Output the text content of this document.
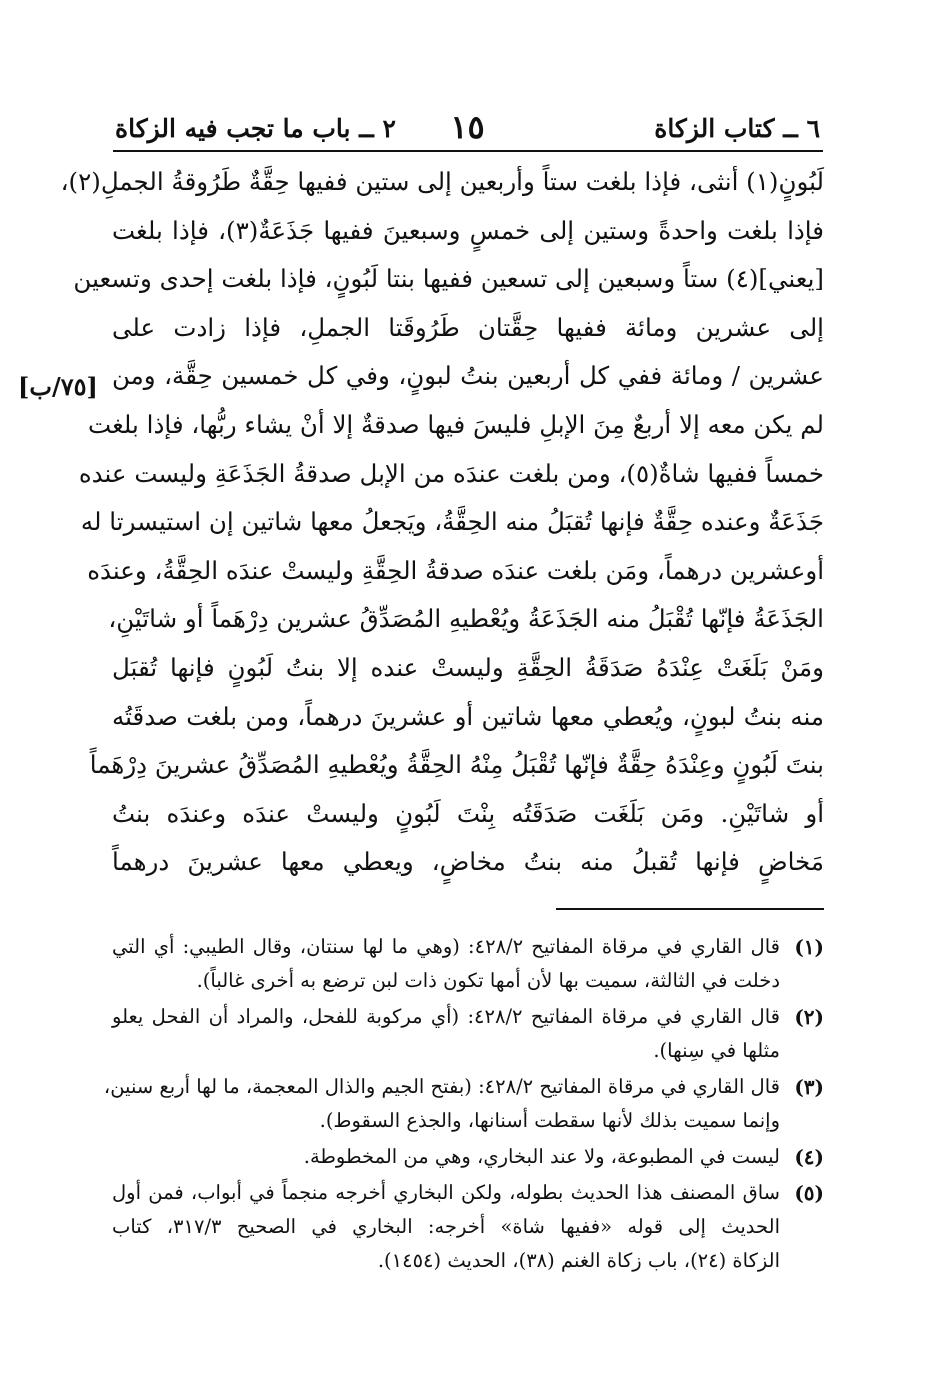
٦ ــ كتاب الزكاة
١٥
٢ ــ باب ما تجب فيه الزكاة
[٧٥/ب]
لَبُونٍ(١) أنثى، فإذا بلغت ستاً وأربعين إلى ستين ففيها حِقَّةٌ طَرُوقةُ الجملِ(٢)،
فإذا بلغت واحدةً وستين إلى خمسٍ وسبعينَ ففيها جَذَعَةٌ(٣)، فإذا بلغت
[يعني](٤) ستاً وسبعين إلى تسعين ففيها بنتا لَبُونٍ، فإذا بلغت إحدى وتسعين
إلى عشرين ومائة ففيها حِقَّتان طَرُوقَتا الجملِ، فإذا زادت على
عشرين / ومائة ففي كل أربعين بنتُ لبونٍ، وفي كل خمسين حِقَّة، ومن
لم يكن معه إلا أربعٌ مِنَ الإبلِ فليسَ فيها صدقةٌ إلا أنْ يشاء ربُّها، فإذا بلغت
خمساً ففيها شاةٌ(٥)، ومن بلغت عندَه من الإبل صدقةُ الجَذَعَةِ وليست عنده
جَذَعَةٌ وعنده حِقَّةٌ فإنها تُقبَلُ منه الحِقَّةُ، ويَجعلُ معها شاتين إن استيسرتا له
أوعشرين درهماً، ومَن بلغت عندَه صدقةُ الحِقَّةِ وليستْ عندَه الحِقَّةُ، وعندَه
الجَذَعَةُ فإنّها تُقْبَلُ منه الجَذَعَةُ ويُعْطيهِ المُصَدِّقُ عشرين دِرْهَماً أو شاتَيْنِ،
ومَنْ بَلَغَتْ عِنْدَهُ صَدَقَةُ الحِقَّةِ وليستْ عنده إلا بنتُ لَبُونٍ فإنها تُقبَل
منه بنتُ لبونٍ، ويُعطي معها شاتين أو عشرينَ درهماً، ومن بلغت صدقَتُه
بنتَ لَبُونٍ وعِنْدَهُ حِقَّةٌ فإنّها تُقْبَلُ مِنْهُ الحِقَّةُ ويُعْطيهِ المُصَدِّقُ عشرينَ دِرْهَماً
أو شاتَيْنِ. ومَن بَلَغَت صَدَقَتُه بِنْتَ لَبُونٍ وليستْ عندَه وعندَه بنتُ
مَخاضٍ فإنها تُقبلُ منه بنتُ مخاضٍ، ويعطي معها عشرينَ درهماً
(١)
قال القاري في مرقاة المفاتيح ٤٢٨/٢: (وهي ما لها سنتان، وقال الطيبي: أي التي
دخلت في الثالثة، سميت بها لأن أمها تكون ذات لبن ترضع به أخرى غالباً).
(٢)
قال القاري في مرقاة المفاتيح ٤٢٨/٢: (أي مركوبة للفحل، والمراد أن الفحل يعلو
مثلها في سِنها).
(٣)
قال القاري في مرقاة المفاتيح ٤٢٨/٢: (بفتح الجيم والذال المعجمة، ما لها أربع سنين،
وإنما سميت بذلك لأنها سقطت أسنانها، والجذع السقوط).
(٤)
ليست في المطبوعة، ولا عند البخاري، وهي من المخطوطة.
(٥)
ساق المصنف هذا الحديث بطوله، ولكن البخاري أخرجه منجماً في أبواب، فمن أول
الحديث إلى قوله «ففيها شاة» أخرجه: البخاري في الصحيح ٣١٧/٣، كتاب
الزكاة (٢٤)، باب زكاة الغنم (٣٨)، الحديث (١٤٥٤).
